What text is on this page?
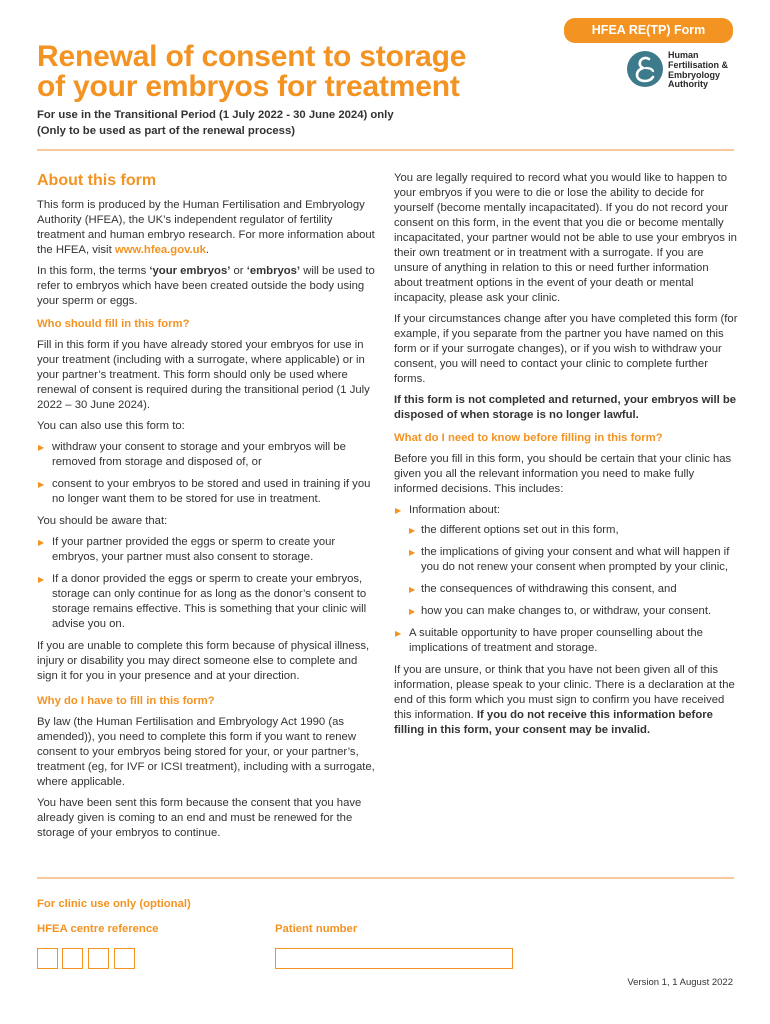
HFEA RE(TP) Form
Renewal of consent to storage
of your embryos for treatment
Human
Fertilisation &
Embryology
Authority
For use in the Transitional Period (1 July 2022 - 30 June 2024) only
(Only to be used as part of the renewal process)
About this form

This form is produced by the Human Fertilisation and Embryology Authority (HFEA), the UK’s independent regulator of fertility treatment and human embryo research. For more information about the HFEA, visit www.hfea.gov.uk.

In this form, the terms ‘your embryos’ or ‘embryos’ will be used to refer to embryos which have been created outside the body using your sperm or eggs.

Who should fill in this form?

Fill in this form if you have already stored your embryos for use in your treatment (including with a surrogate, where applicable) or in your partner’s treatment. This form should only be used where renewal of consent is required during the transitional period (1 July 2022 – 30 June 2024).

You can also use this form to:

▶ withdraw your consent to storage and your embryos will be removed from storage and disposed of, or
▶ consent to your embryos to be stored and used in training if you no longer want them to be stored for use in treatment.

You should be aware that:

▶ If your partner provided the eggs or sperm to create your embryos, your partner must also consent to storage.
▶ If a donor provided the eggs or sperm to create your embryos, storage can only continue for as long as the donor’s consent to storage remains effective. This is something that your clinic will advise you on.

If you are unable to complete this form because of physical illness, injury or disability you may direct someone else to complete and sign it for you in your presence and at your direction.

Why do I have to fill in this form?

By law (the Human Fertilisation and Embryology Act 1990 (as amended)), you need to complete this form if you want to renew consent to your embryos being stored for your, or your partner’s, treatment (eg, for IVF or ICSI treatment), including with a surrogate, where applicable.

You have been sent this form because the consent that you have already given is coming to an end and must be renewed for the storage of your embryos to continue.

You are legally required to record what you would like to happen to your embryos if you were to die or lose the ability to decide for yourself (become mentally incapacitated). If you do not record your consent on this form, in the event that you die or become mentally incapacitated, your partner would not be able to use your embryos in their own treatment or in treatment with a surrogate. If you are unsure of anything in relation to this or need further information about treatment options in the event of your death or mental incapacity, please ask your clinic.

If your circumstances change after you have completed this form (for example, if you separate from the partner you have named on this form or if your surrogate changes), or if you wish to withdraw your consent, you will need to contact your clinic to complete further forms.

If this form is not completed and returned, your embryos will be disposed of when storage is no longer lawful.

What do I need to know before filling in this form?

Before you fill in this form, you should be certain that your clinic has given you all the relevant information you need to make fully informed decisions. This includes:

▶ Information about:
▶ the different options set out in this form,
▶ the implications of giving your consent and what will happen if you do not renew your consent when prompted by your clinic,
▶ the consequences of withdrawing this consent, and
▶ how you can make changes to, or withdraw, your consent.
▶ A suitable opportunity to have proper counselling about the implications of treatment and storage.

If you are unsure, or think that you have not been given all of this information, please speak to your clinic. There is a declaration at the end of this form which you must sign to confirm you have received this information. If you do not receive this information before filling in this form, your consent may be invalid.

For clinic use only (optional)
HFEA centre reference	Patient number
Version 1, 1 August 2022
